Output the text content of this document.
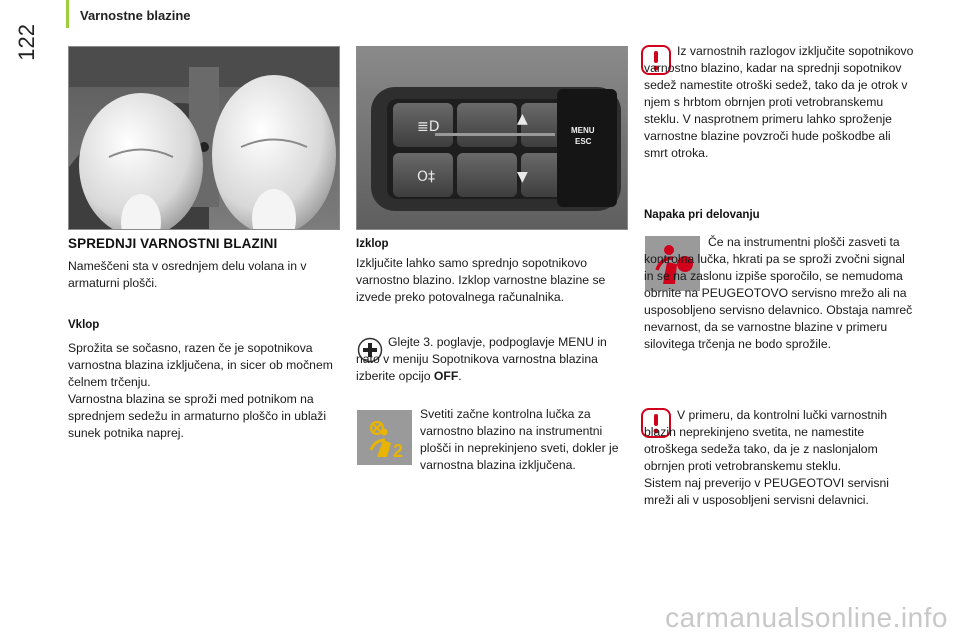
122
Varnostne blazine
SPREDNJI VARNOSTNI BLAZINI

Nameščeni sta v osrednjem delu volana in v armaturni plošči.

Vklop

Sprožita se sočasno, razen če je sopotnikova varnostna blazina izključena, in sicer ob močnem čelnem trčenju.

Varnostna blazina se sproži med potnikom na sprednjem sedežu in armaturno ploščo in ublaži sunek potnika naprej.

≣D
O‡
▲
▼
MENU
ESC
Izklop

Izključite lahko samo sprednjo sopotnikovo varnostno blazino. Izklop varnostne blazine se izvede preko potovalnega računalnika.

Glejte 3. poglavje, podpoglavje MENU in nato v meniju Sopotnikova varnostna blazina izberite opcijo OFF.

2

Svetiti začne kontrolna lučka za varnostno blazino na instrumentni plošči in neprekinjeno sveti, dokler je varnostna blazina izključena.

Iz varnostnih razlogov izključite sopotnikovo varnostno blazino, kadar na sprednji sopotnikov sedež namestite otroški sedež, tako da je otrok v njem s hrbtom obrnjen proti vetrobranskemu steklu. V nasprotnem primeru lahko sproženje varnostne blazine povzroči hude poškodbe ali smrt otroka.

Napaka pri delovanju

Če na instrumentni plošči zasveti ta kontrolna lučka, hkrati pa se sproži zvočni signal in se na zaslonu izpiše sporočilo, se nemudoma obrnite na PEUGEOTOVO servisno mrežo ali na usposobljeno servisno delavnico. Obstaja namreč nevarnost, da se varnostne blazine v primeru silovitega trčenja ne bodo sprožile.

V primeru, da kontrolni lučki varnostnih blazin neprekinjeno svetita, ne namestite otroškega sedeža tako, da je z naslonjalom obrnjen proti vetrobranskemu steklu.

Sistem naj preverijo v PEUGEOTOVI servisni mreži ali v usposobljeni servisni delavnici.

carmanualsonline.info
